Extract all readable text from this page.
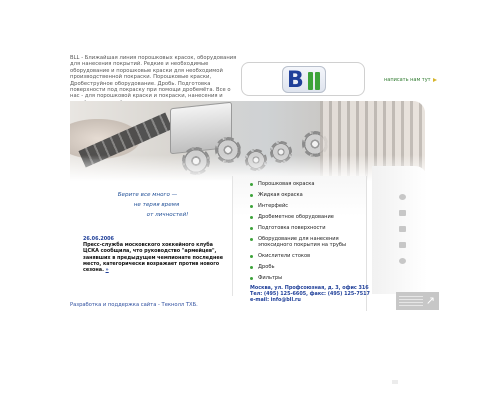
BLL - Ближайшая линия порошковых красок, оборудования для нанесения покрытий. Редкие и необходимые оборудование и порошковые краски для необходимой производственной покраски. Порошковые краски, Дробеструйное оборудование. Дробь. Подготовка поверхности под покраску при помощи дробемёта. Все о нас - для порошковой краски и покраски, нанесения и
B	написать нам тут
Берите все много —
не теряя время
от личностей!
26.06.2006
Пресс-служба московского хоккейного клуба ЦСКА сообщила, что руководство "армейцев", занявших в предыдущем чемпионате последнее место, категорически возражает против нового сезона. »
Порошковая окраска
Жидкая окраска
Интерфейс
Дробеметное оборудование
Подготовка поверхности
Оборудование для нанесения эпоксидного покрытия на трубы
Окислители стоков
Дробь
Фильтры
Москва, ул. Профсоюзная, д. 3, офис 316
Тел: (495) 125-6605, факс: (495) 125-7517
e-mail: info@bll.ru	↗
Разработка и поддержка сайта - Текнолл ТХБ.
